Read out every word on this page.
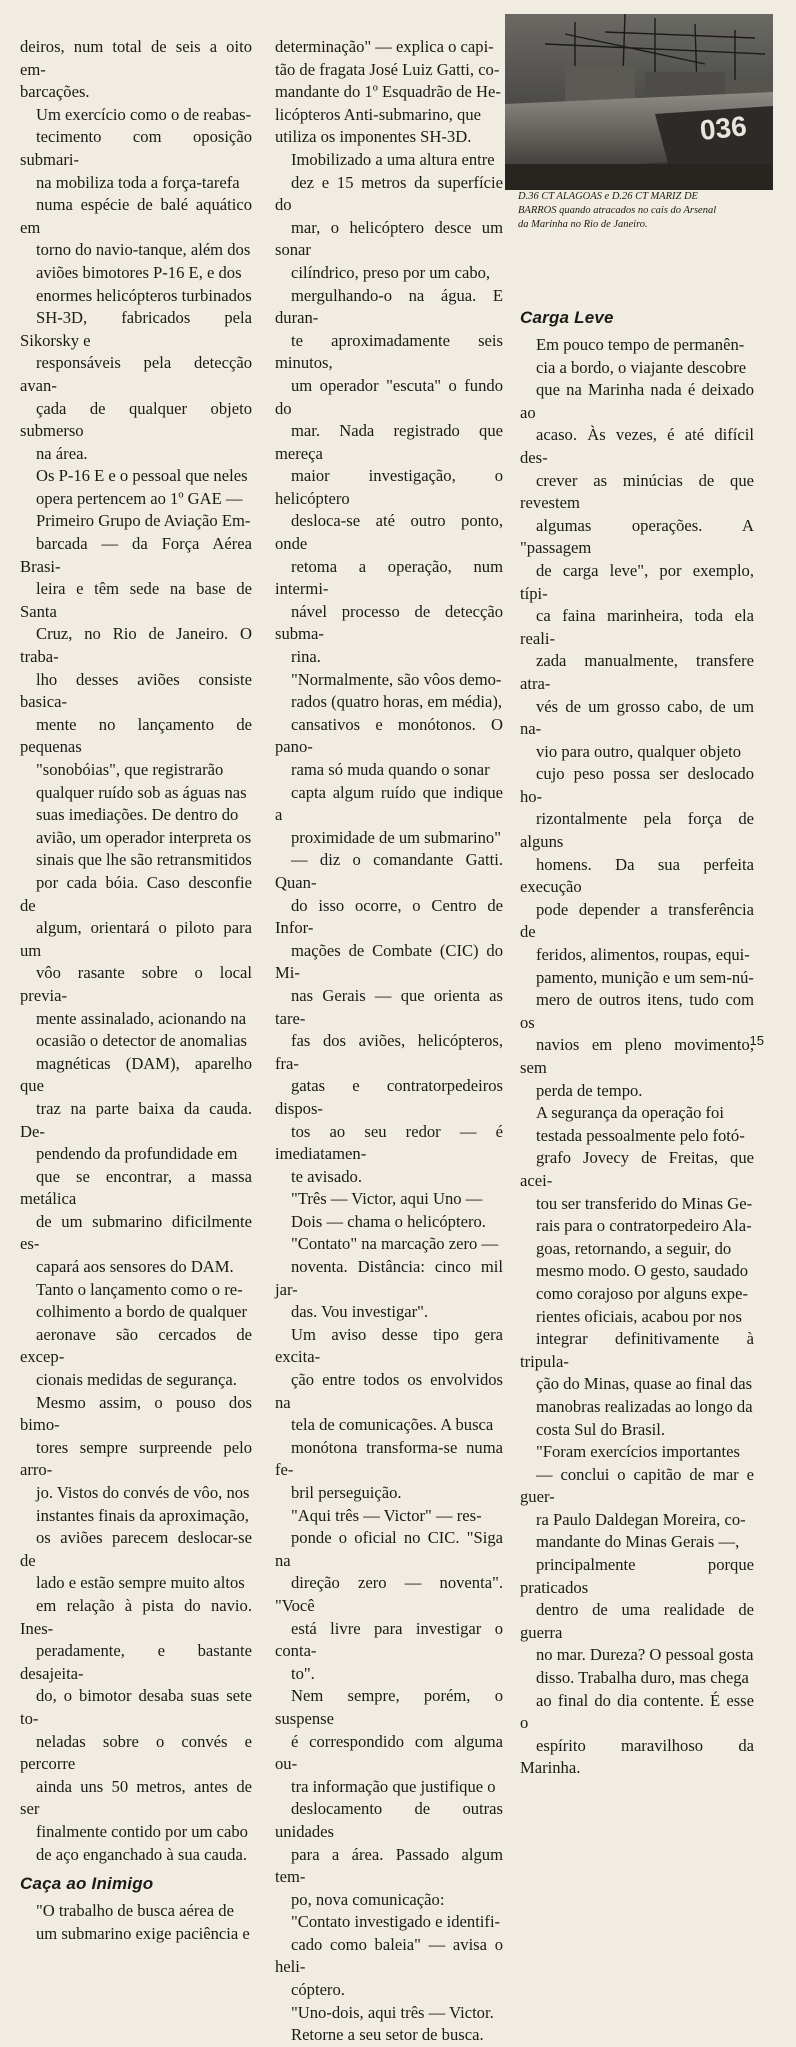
deiros, num total de seis a oito em-
barcações.

Um exercício como o de reabas-
tecimento com oposição submari-
na mobiliza toda a força-tarefa
numa espécie de balé aquático em
torno do navio-tanque, além dos
aviões bimotores P-16 E, e dos
enormes helicópteros turbinados
SH-3D, fabricados pela Sikorsky e
responsáveis pela detecção avan-
çada de qualquer objeto submerso
na área.

Os P-16 E e o pessoal que neles
opera pertencem ao 1º GAE —
Primeiro Grupo de Aviação Em-
barcada — da Força Aérea Brasi-
leira e têm sede na base de Santa
Cruz, no Rio de Janeiro. O traba-
lho desses aviões consiste basica-
mente no lançamento de pequenas
"sonobóias", que registrarão
qualquer ruído sob as águas nas
suas imediações. De dentro do
avião, um operador interpreta os
sinais que lhe são retransmitidos
por cada bóia. Caso desconfie de
algum, orientará o piloto para um
vôo rasante sobre o local previa-
mente assinalado, acionando na
ocasião o detector de anomalias
magnéticas (DAM), aparelho que
traz na parte baixa da cauda. De-
pendendo da profundidade em
que se encontrar, a massa metálica
de um submarino dificilmente es-
capará aos sensores do DAM.

Tanto o lançamento como o re-
colhimento a bordo de qualquer
aeronave são cercados de excep-
cionais medidas de segurança.
Mesmo assim, o pouso dos bimo-
tores sempre surpreende pelo arro-
jo. Vistos do convés de vôo, nos
instantes finais da aproximação,
os aviões parecem deslocar-se de
lado e estão sempre muito altos
em relação à pista do navio. Ines-
peradamente, e bastante desajeita-
do, o bimotor desaba suas sete to-
neladas sobre o convés e percorre
ainda uns 50 metros, antes de ser
finalmente contido por um cabo
de aço enganchado à sua cauda.

Caça ao Inimigo

"O trabalho de busca aérea de
um submarino exige paciência e

determinação" — explica o capi-
tão de fragata José Luiz Gatti, co-
mandante do 1º Esquadrão de He-
licópteros Anti-submarino, que
utiliza os imponentes SH-3D.

Imobilizado a uma altura entre
dez e 15 metros da superfície do
mar, o helicóptero desce um sonar
cilíndrico, preso por um cabo,
mergulhando-o na água. E duran-
te aproximadamente seis minutos,
um operador "escuta" o fundo do
mar. Nada registrado que mereça
maior investigação, o helicóptero
desloca-se até outro ponto, onde
retoma a operação, num intermi-
nável processo de detecção subma-
rina.

"Normalmente, são vôos demo-
rados (quatro horas, em média),
cansativos e monótonos. O pano-
rama só muda quando o sonar
capta algum ruído que indique a
proximidade de um submarino"
— diz o comandante Gatti. Quan-
do isso ocorre, o Centro de Infor-
mações de Combate (CIC) do Mi-
nas Gerais — que orienta as tare-
fas dos aviões, helicópteros, fra-
gatas e contratorpedeiros dispos-
tos ao seu redor — é imediatamen-
te avisado.

"Três — Victor, aqui Uno —
Dois — chama o helicóptero.
"Contato" na marcação zero —
noventa. Distância: cinco mil jar-
das. Vou investigar".

Um aviso desse tipo gera excita-
ção entre todos os envolvidos na
tela de comunicações. A busca
monótona transforma-se numa fe-
bril perseguição.

"Aqui três — Victor" — res-
ponde o oficial no CIC. "Siga na
direção zero — noventa". "Você
está livre para investigar o conta-
to".

Nem sempre, porém, o suspense
é correspondido com alguma ou-
tra informação que justifique o
deslocamento de outras unidades
para a área. Passado algum tem-
po, nova comunicação:

"Contato investigado e identifi-
cado como baleia" — avisa o heli-
cóptero.

"Uno-dois, aqui três — Victor.
Retorne a seu setor de busca.

036
D.36 CT ALAGOAS e D.26 CT MARIZ DE
BARROS quando atracados no cais do Arsenal
da Marinha no Rio de Janeiro.
Carga Leve

Em pouco tempo de permanên-
cia a bordo, o viajante descobre
que na Marinha nada é deixado ao
acaso. Às vezes, é até difícil des-
crever as minúcias de que revestem
algumas operações. A "passagem
de carga leve", por exemplo, típi-
ca faina marinheira, toda ela reali-
zada manualmente, transfere atra-
vés de um grosso cabo, de um na-
vio para outro, qualquer objeto
cujo peso possa ser deslocado ho-
rizontalmente pela força de alguns
homens. Da sua perfeita execução
pode depender a transferência de
feridos, alimentos, roupas, equi-
pamento, munição e um sem-nú-
mero de outros itens, tudo com os
navios em pleno movimento, sem
perda de tempo.

A segurança da operação foi
testada pessoalmente pelo fotó-
grafo Jovecy de Freitas, que acei-
tou ser transferido do Minas Ge-
rais para o contratorpedeiro Ala-
goas, retornando, a seguir, do
mesmo modo. O gesto, saudado
como corajoso por alguns expe-
rientes oficiais, acabou por nos
integrar definitivamente à tripula-
ção do Minas, quase ao final das
manobras realizadas ao longo da
costa Sul do Brasil.

"Foram exercícios importantes
— conclui o capitão de mar e guer-
ra Paulo Daldegan Moreira, co-
mandante do Minas Gerais —,
principalmente porque praticados
dentro de uma realidade de guerra
no mar. Dureza? O pessoal gosta
disso. Trabalha duro, mas chega
ao final do dia contente. É esse o
espírito maravilhoso da Marinha.

15
